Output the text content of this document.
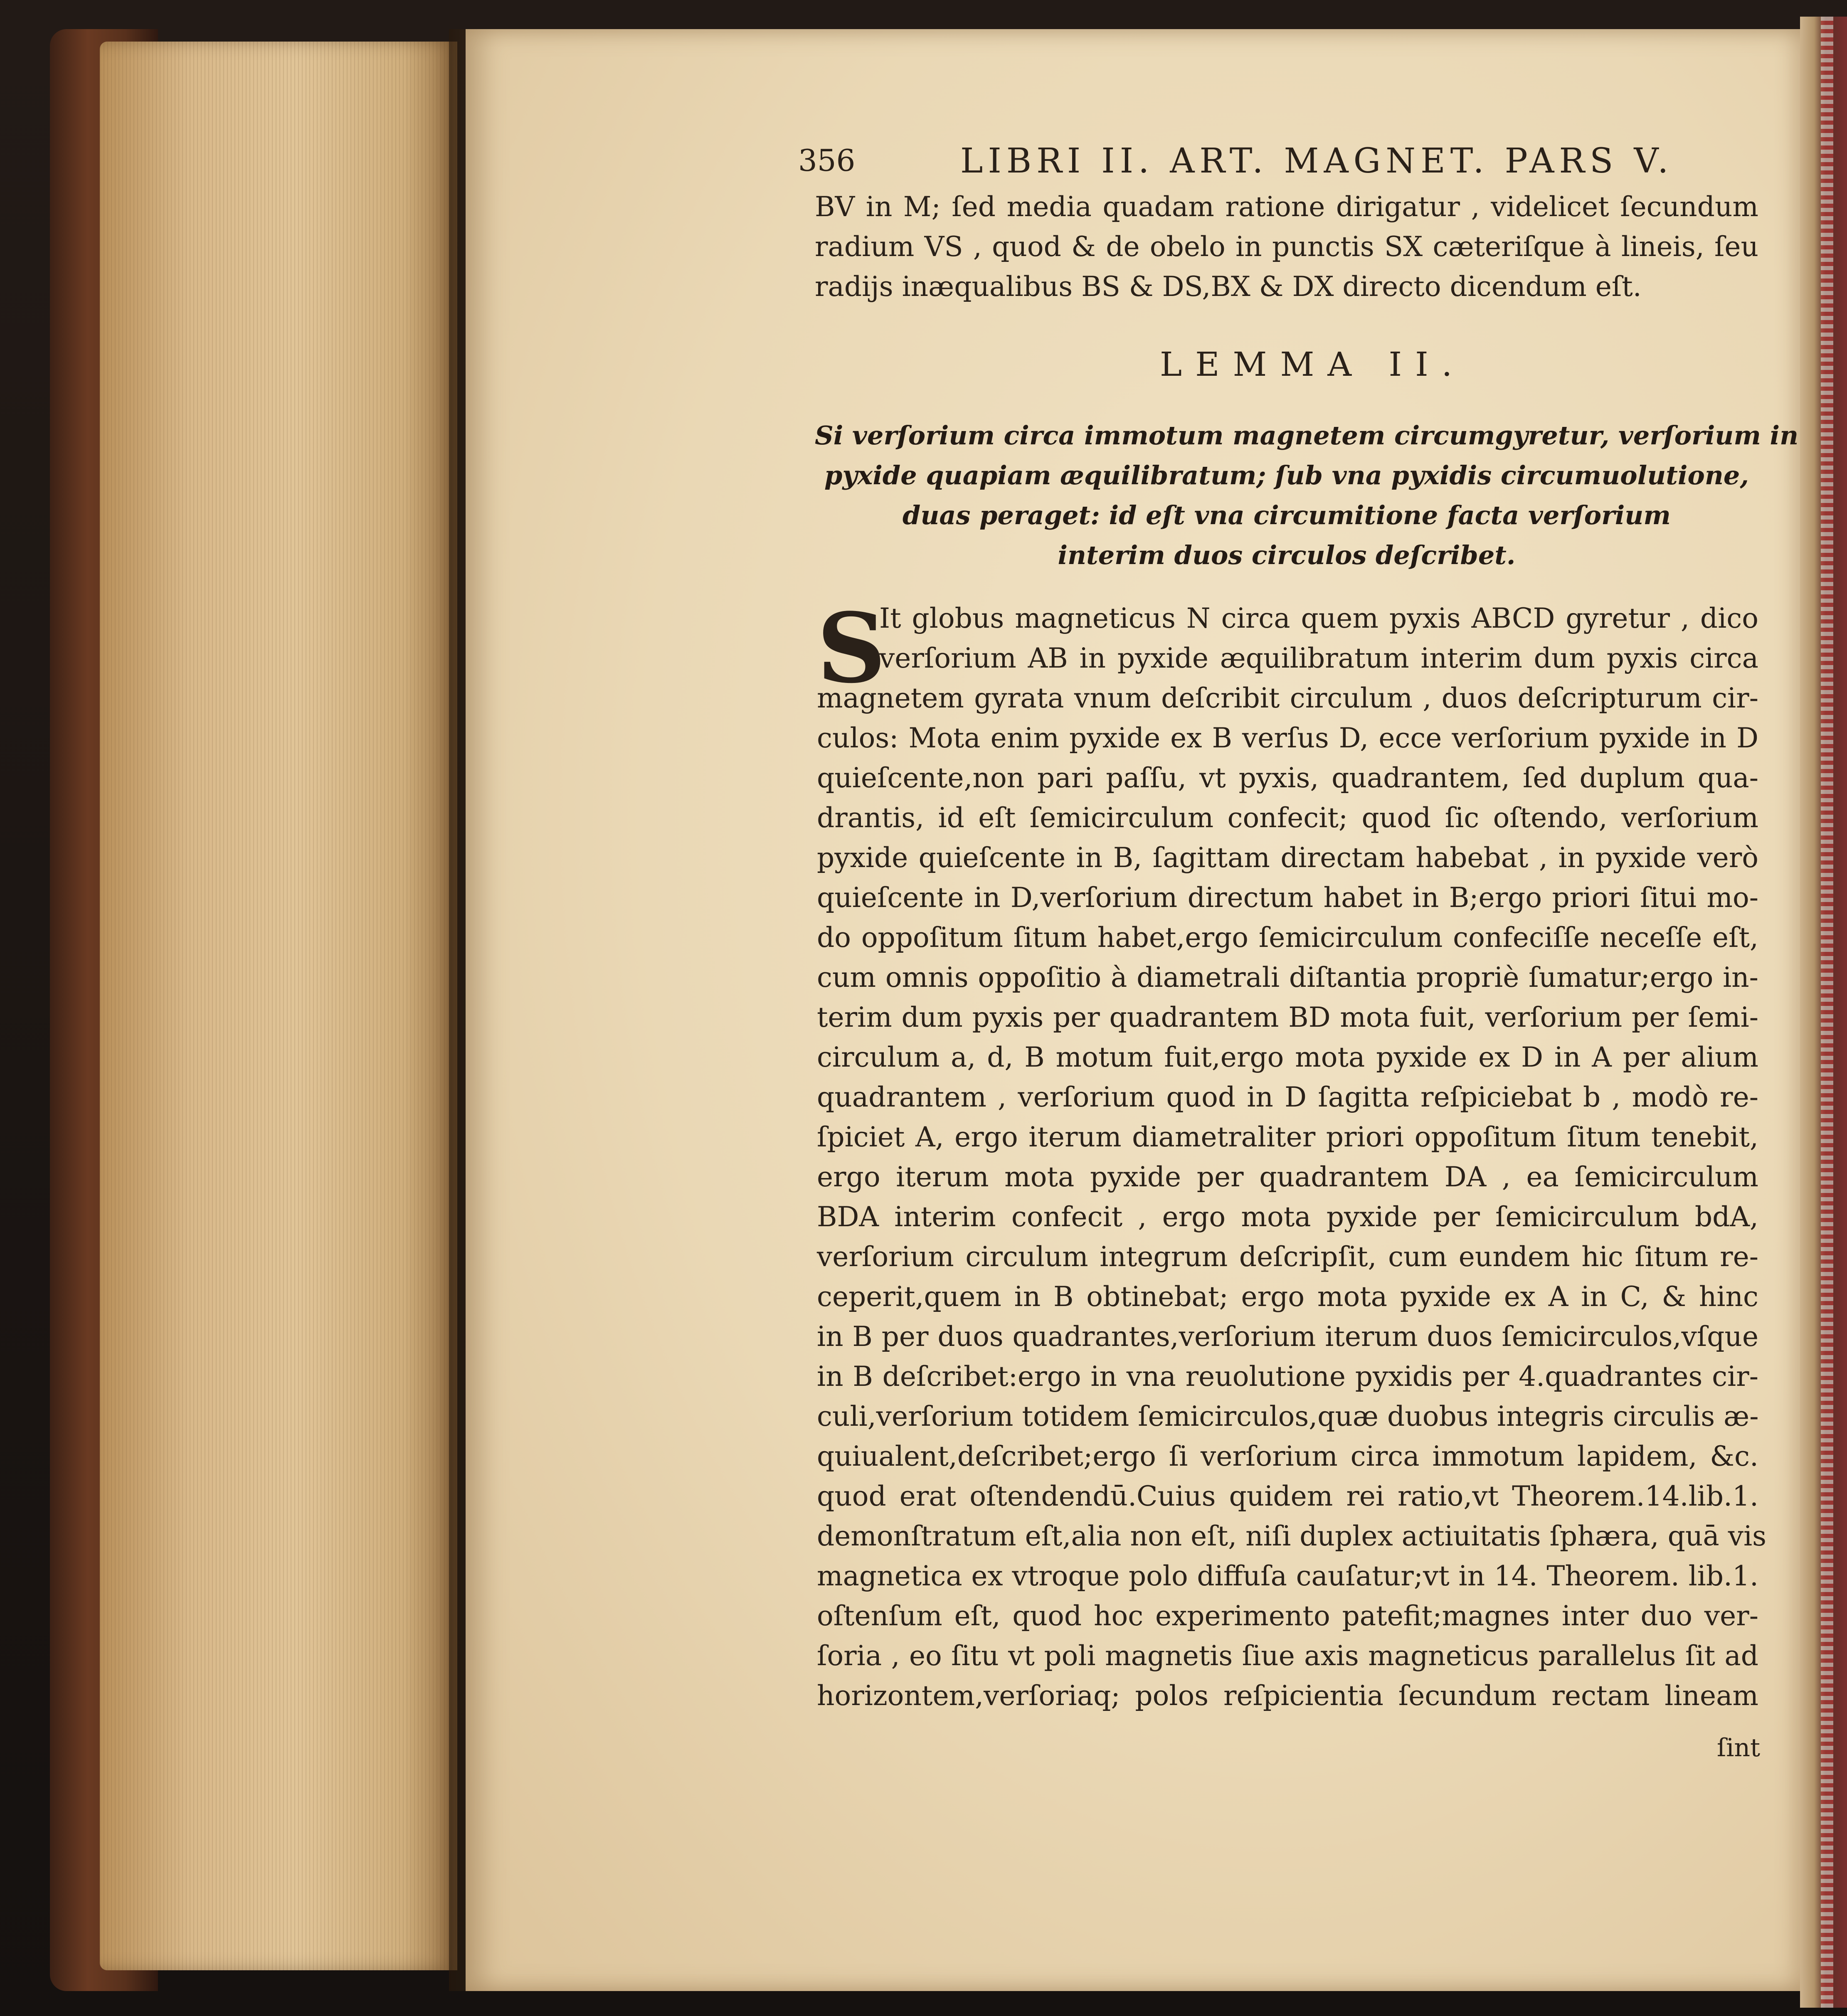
356	LIBRI II. ART. MAGNET. PARS V.
BV in M; ſed media quadam ratione dirigatur , videlicet ſecundum
radium VS , quod & de obelo in punctis SX cæteriſque à lineis, ſeu
radijs inæqualibus BS & DS,BX & DX directo dicendum eſt.
LEMMA II.
Si verſorium circa immotum magnetem circumgyretur, verſorium in
pyxide quapiam æquilibratum; ſub vna pyxidis circumuolutione,
duas peraget: id eſt vna circumitione facta verſorium
interim duos circulos deſcribet.
S
It globus magneticus N circa quem pyxis ABCD gyretur , dico
verſorium AB in pyxide æquilibratum interim dum pyxis circa
magnetem gyrata vnum deſcribit circulum , duos deſcripturum cir-
culos: Mota enim pyxide ex B verſus D, ecce verſorium pyxide in D
quieſcente,non pari paſſu, vt pyxis, quadrantem, ſed duplum qua-
drantis, id eſt ſemicirculum confecit; quod ſic oſtendo, verſorium
pyxide quieſcente in B, ſagittam directam habebat , in pyxide verò
quieſcente in D,verſorium directum habet in B;ergo priori ſitui mo-
do oppoſitum ſitum habet,ergo ſemicirculum confeciſſe neceſſe eſt,
cum omnis oppoſitio à diametrali diſtantia propriè ſumatur;ergo in-
terim dum pyxis per quadrantem BD mota fuit, verſorium per ſemi-
circulum a, d, B motum fuit,ergo mota pyxide ex D in A per alium
quadrantem , verſorium quod in D ſagitta reſpiciebat b , modò re-
ſpiciet A, ergo iterum diametraliter priori oppoſitum ſitum tenebit,
ergo iterum mota pyxide per quadrantem DA , ea ſemicirculum
BDA interim confecit , ergo mota pyxide per ſemicirculum bdA,
verſorium circulum integrum deſcripſit, cum eundem hic ſitum re-
ceperit,quem in B obtinebat; ergo mota pyxide ex A in C, & hinc
in B per duos quadrantes,verſorium iterum duos ſemicirculos,vſque
in B deſcribet:ergo in vna reuolutione pyxidis per 4.quadrantes cir-
culi,verſorium totidem ſemicirculos,quæ duobus integris circulis æ-
quiualent,deſcribet;ergo ſi verſorium circa immotum lapidem, &c.
quod erat oſtendendū.Cuius quidem rei ratio,vt Theorem.14.lib.1.
demonſtratum eſt,alia non eſt, niſi duplex actiuitatis ſphæra, quā vis
magnetica ex vtroque polo diffuſa cauſatur;vt in 14. Theorem. lib.1.
oſtenſum eſt, quod hoc experimento patefit;magnes inter duo ver-
ſoria , eo ſitu vt poli magnetis ſiue axis magneticus parallelus ſit ad
horizontem,verſoriaq; polos reſpicientia ſecundum rectam lineam
ſint
